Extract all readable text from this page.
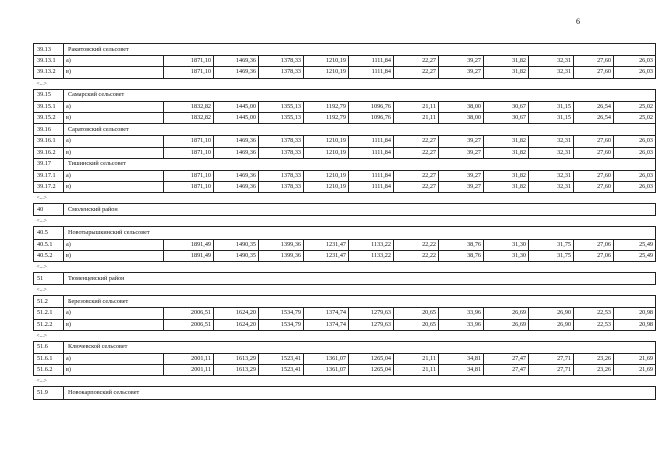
6
39.13	Ракитовский сельсовет											
39.13.1	а)	1871,10	1469,36	1378,33	1210,19	1111,84	22,27	39,27	31,82	32,31	27,60	26,03
39.13.2	в)	1871,10	1469,36	1378,33	1210,19	1111,84	22,27	39,27	31,82	32,31	27,60	26,03
<...>												
39.15	Самарский сельсовет											
39.15.1	а)	1832,82	1445,00	1355,13	1192,79	1096,76	21,11	38,00	30,67	31,15	26,54	25,02
39.15.2	в)	1832,82	1445,00	1355,13	1192,79	1096,76	21,11	38,00	30,67	31,15	26,54	25,02
39.16	Саратовский сельсовет											
39.16.1	а)	1871,10	1469,36	1378,33	1210,19	1111,84	22,27	39,27	31,82	32,31	27,60	26,03
39.16.2	в)	1871,10	1469,36	1378,33	1210,19	1111,84	22,27	39,27	31,82	32,31	27,60	26,03
39.17	Тишинский сельсовет											
39.17.1	а)	1871,10	1469,36	1378,33	1210,19	1111,84	22,27	39,27	31,82	32,31	27,60	26,03
39.17.2	в)	1871,10	1469,36	1378,33	1210,19	1111,84	22,27	39,27	31,82	32,31	27,60	26,03
<...>												
40	Смоленский район											
<...>												
40.5	Новотырышкинский сельсовет											
40.5.1	а)	1891,49	1490,35	1399,36	1231,47	1133,22	22,22	38,76	31,30	31,75	27,06	25,49
40.5.2	в)	1891,49	1490,35	1399,36	1231,47	1133,22	22,22	38,76	31,30	31,75	27,06	25,49
<...>												
51	Тюменцевский район											
<...>												
51.2	Березовский сельсовет											
51.2.1	а)	2006,51	1624,20	1534,79	1374,74	1279,63	20,65	33,96	26,69	26,90	22,53	20,98
51.2.2	в)	2006,51	1624,20	1534,79	1374,74	1279,63	20,65	33,96	26,69	26,90	22,53	20,98
<...>												
51.6	Ключевской сельсовет											
51.6.1	а)	2001,11	1613,29	1523,41	1361,07	1265,04	21,11	34,81	27,47	27,71	23,26	21,69
51.6.2	в)	2001,11	1613,29	1523,41	1361,07	1265,04	21,11	34,81	27,47	27,71	23,26	21,69
<...>												
51.9	Новокарповский сельсовет											
